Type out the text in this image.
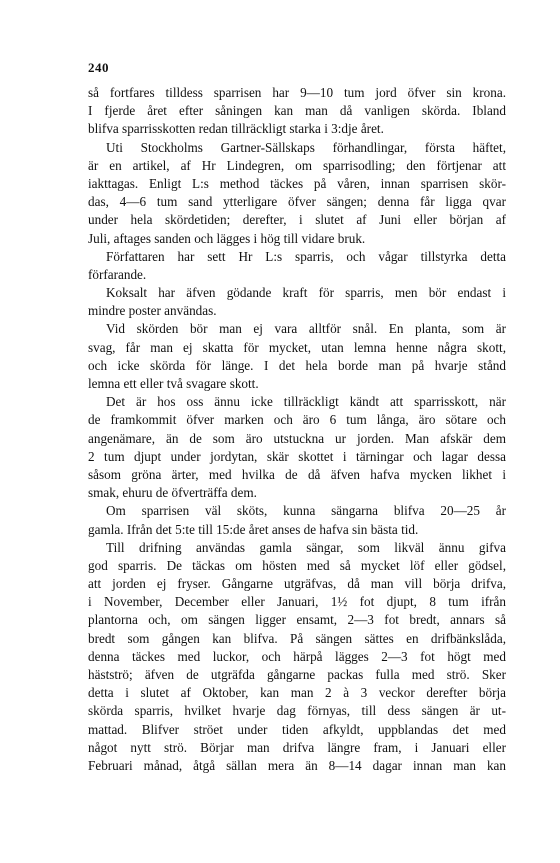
240
så fortfares tilldess sparrisen har 9—10 tum jord öfver sin krona.
I fjerde året efter såningen kan man då vanligen skörda. Ibland
blifva sparrisskotten redan tillräckligt starka i 3:dje året.
Uti Stockholms Gartner-Sällskaps förhandlingar, första häftet,
är en artikel, af Hr Lindegren, om sparrisodling; den förtjenar att
iakttagas. Enligt L:s method täckes på våren, innan sparrisen skör-
das, 4—6 tum sand ytterligare öfver sängen; denna får ligga qvar
under hela skördetiden; derefter, i slutet af Juni eller början af
Juli, aftages sanden och lägges i hög till vidare bruk.
Författaren har sett Hr L:s sparris, och vågar tillstyrka detta
förfarande.
Koksalt har äfven gödande kraft för sparris, men bör endast i
mindre poster användas.
Vid skörden bör man ej vara alltför snål. En planta, som är
svag, får man ej skatta för mycket, utan lemna henne några skott,
och icke skörda för länge. I det hela borde man på hvarje stånd
lemna ett eller två svagare skott.
Det är hos oss ännu icke tillräckligt kändt att sparrisskott, när
de framkommit öfver marken och äro 6 tum långa, äro sötare och
angenämare, än de som äro utstuckna ur jorden. Man afskär dem
2 tum djupt under jordytan, skär skottet i tärningar och lagar dessa
såsom gröna ärter, med hvilka de då äfven hafva mycken likhet i
smak, ehuru de öfverträffa dem.
Om sparrisen väl sköts, kunna sängarna blifva 20—25 år
gamla. Ifrån det 5:te till 15:de året anses de hafva sin bästa tid.
Till drifning användas gamla sängar, som likväl ännu gifva
god sparris. De täckas om hösten med så mycket löf eller gödsel,
att jorden ej fryser. Gångarne utgräfvas, då man vill börja drifva,
i November, December eller Januari, 1½ fot djupt, 8 tum ifrån
plantorna och, om sängen ligger ensamt, 2—3 fot bredt, annars så
bredt som gången kan blifva. På sängen sättes en drifbänkslåda,
denna täckes med luckor, och härpå lägges 2—3 fot högt med
hästströ; äfven de utgräfda gångarne packas fulla med strö. Sker
detta i slutet af Oktober, kan man 2 à 3 veckor derefter börja
skörda sparris, hvilket hvarje dag förnyas, till dess sängen är ut-
mattad. Blifver ströet under tiden afkyldt, uppblandas det med
något nytt strö. Börjar man drifva längre fram, i Januari eller
Februari månad, åtgå sällan mera än 8—14 dagar innan man kan
